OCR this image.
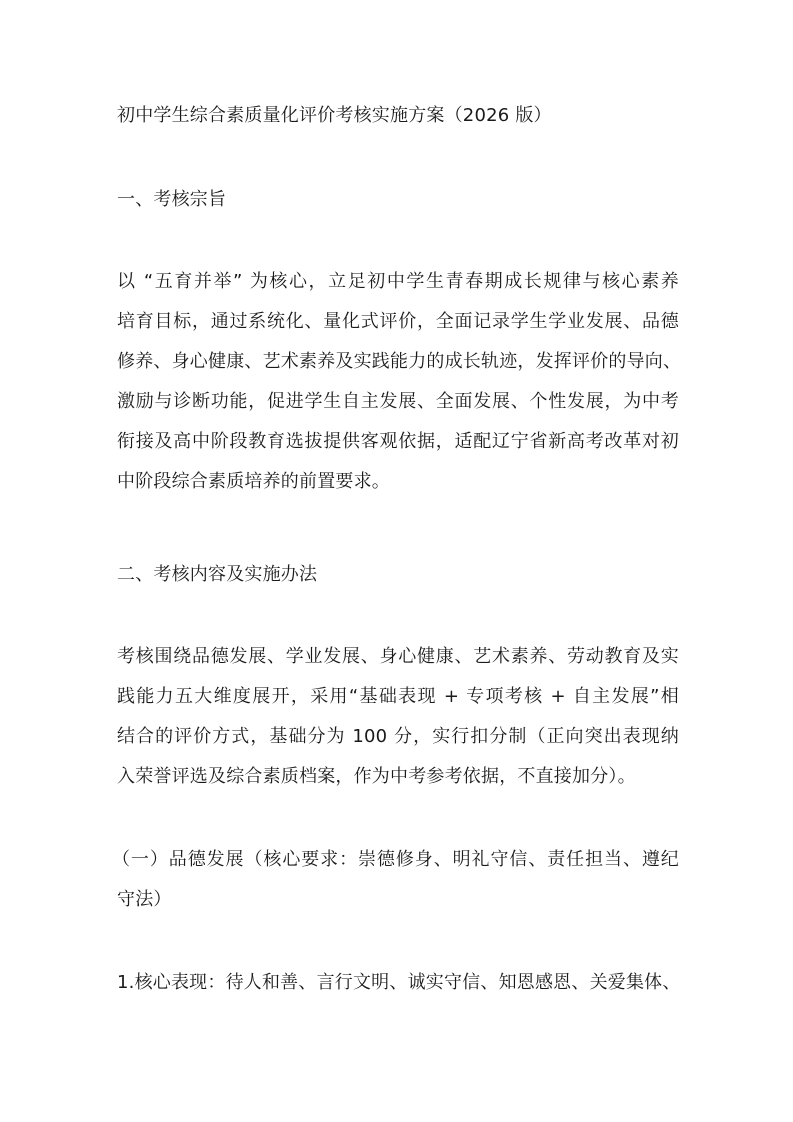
初中学生综合素质量化评价考核实施方案（2026 版）
一、考核宗旨
以 “五育并举” 为核心，立足初中学生青春期成长规律与核心素养
培育目标，通过系统化、量化式评价，全面记录学生学业发展、品德
修养、身心健康、艺术素养及实践能力的成长轨迹，发挥评价的导向、
激励与诊断功能，促进学生自主发展、全面发展、个性发展，为中考
衔接及高中阶段教育选拔提供客观依据，适配辽宁省新高考改革对初
中阶段综合素质培养的前置要求。
二、考核内容及实施办法
考核围绕品德发展、学业发展、身心健康、艺术素养、劳动教育及实
践能力五大维度展开，采用“基础表现 + 专项考核 + 自主发展”相
结合的评价方式，基础分为 100 分，实行扣分制（正向突出表现纳
入荣誉评选及综合素质档案，作为中考参考依据，不直接加分）。
（一）品德发展（核心要求：崇德修身、明礼守信、责任担当、遵纪
守法）
1.核心表现：待人和善、言行文明、诚实守信、知恩感恩、关爱集体、
